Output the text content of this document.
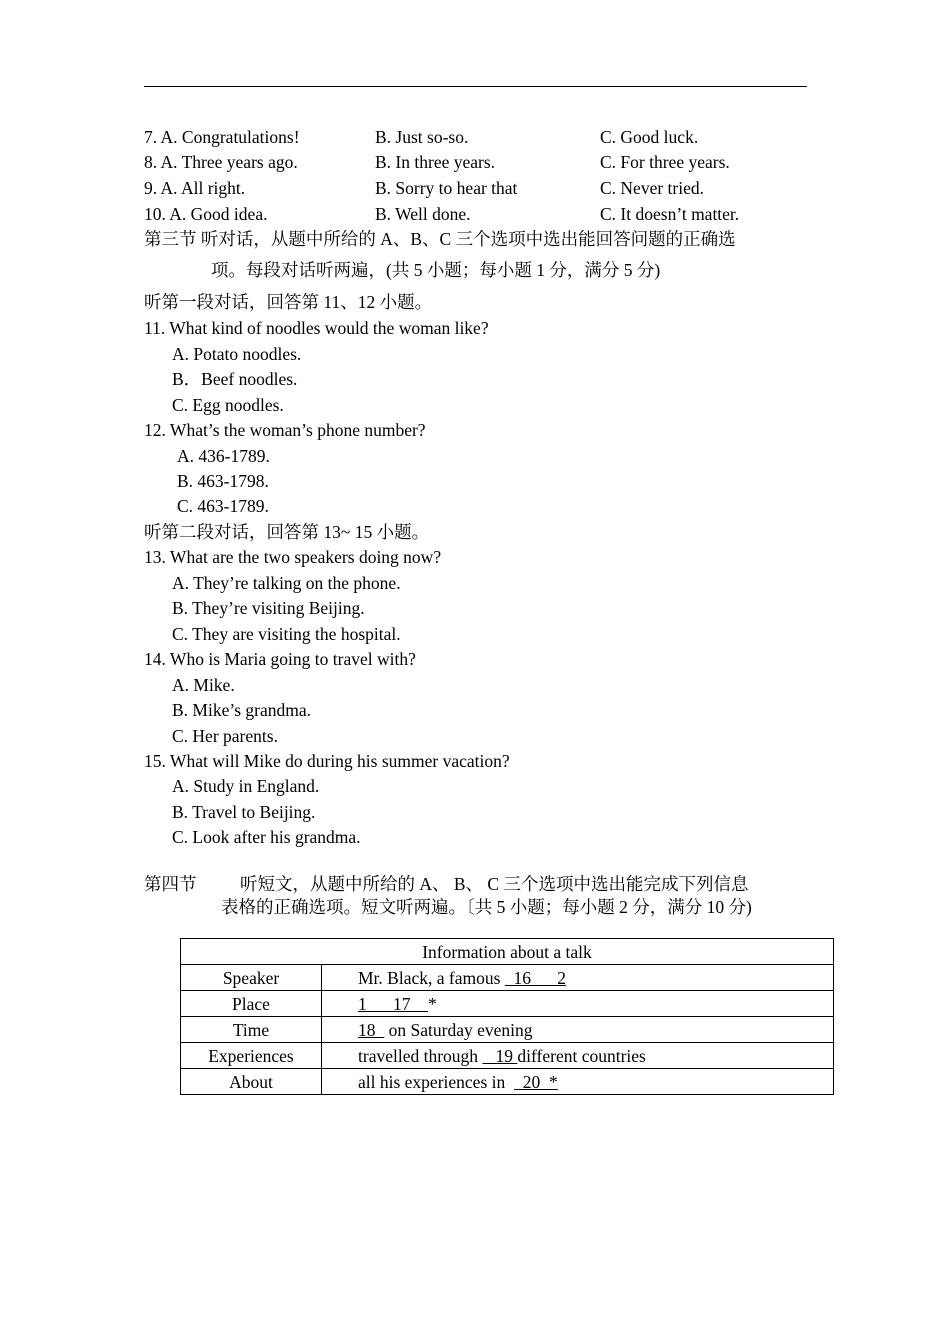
7. A. Congratulations!	B. Just so-so.	C. Good luck.
8. A. Three years ago.	B. In three years.	C. For three years.
9. A. All right.	B. Sorry to hear that	C. Never tried.
10. A. Good idea.	B. Well done.	C. It doesn’t matter.
第三节 听对话，从题中所给的 A、B、C 三个选项中选出能回答问题的正确选
项。每段对话听两遍，(共 5 小题；每小题 1 分，满分 5 分)
听第一段对话，回答第 11、12 小题。
11. What kind of noodles would the woman like?
A. Potato noodles.
B．Beef noodles.
C. Egg noodles.
12. What’s the woman’s phone number?
A. 436-1789.
B. 463-1798.
C. 463-1789.
听第二段对话，回答第 13~ 15 小题。
13. What are the two speakers doing now?
A. They’re talking on the phone.
B. They’re visiting Beijing.
C. They are visiting the hospital.
14. Who is Maria going to travel with?
A. Mike.
B. Mike’s grandma.
C. Her parents.
15. What will Mike do during his summer vacation?
A. Study in England.
B. Travel to Beijing.
C. Look after his grandma.
第四节 听短文，从题中所给的 A、 B、 C 三个选项中选出能完成下列信息
表格的正确选项。短文听两遍。〔共 5 小题；每小题 2 分，满分 10 分)
Information about a talk	
Speaker	Mr. Black, a famous   16      2
Place	1      17    *
Time	18   on Saturday evening
Experiences	travelled through    19 different countries
About	all his experiences in    20  *
